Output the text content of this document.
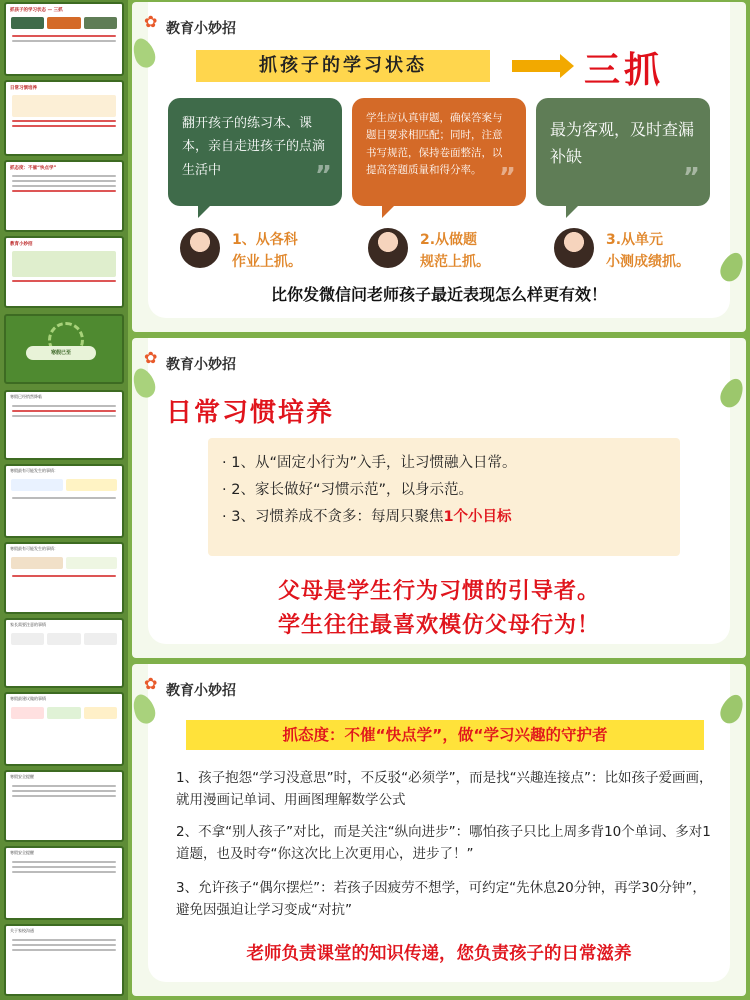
抓孩子的学习状态 — 三抓
日常习惯培养
抓态度：不催“快点学”
教育小妙招
寒假已至
寒假已经悄然降临
寒假最有可能发生的事情：
寒假最有可能发生的事情：
家长需要注意的事情
寒假最建议做的事情
寒假安全提醒
寒假安全提醒
关于家校沟通
✿ 教育小妙招
抓孩子的学习状态	三抓
翻开孩子的练习本、课本，亲自走进孩子的点滴生活中	”
学生应认真审题，确保答案与题目要求相匹配；同时，注意书写规范，保持卷面整洁，以提高答题质量和得分率。 ”
最为客观，及时查漏补缺
”
1、从各科
作业上抓。
2.从做题
规范上抓。
3.从单元
小测成绩抓。
比你发微信问老师孩子最近表现怎么样更有效！
✿ 教育小妙招
日常习惯培养
· 1、从“固定小行为”入手，让习惯融入日常。
· 2、家长做好“习惯示范”，以身示范。
· 3、习惯养成不贪多：每周只聚焦1个小目标
父母是学生行为习惯的引导者。
学生往往最喜欢模仿父母行为！
✿ 教育小妙招
抓态度：不催“快点学”，做“学习兴趣的守护者
1、孩子抱怨“学习没意思”时，不反驳“必须学”，而是找“兴趣连接点”：比如孩子爱画画，就用漫画记单词、用画图理解数学公式
2、不拿“别人孩子”对比，而是关注“纵向进步”：哪怕孩子只比上周多背10个单词、多对1道题，也及时夸“你这次比上次更用心，进步了！”
3、允许孩子“偶尔摆烂”：若孩子因疲劳不想学，可约定“先休息20分钟，再学30分钟”，避免因强迫让学习变成“对抗”
老师负责课堂的知识传递，您负责孩子的日常滋养
